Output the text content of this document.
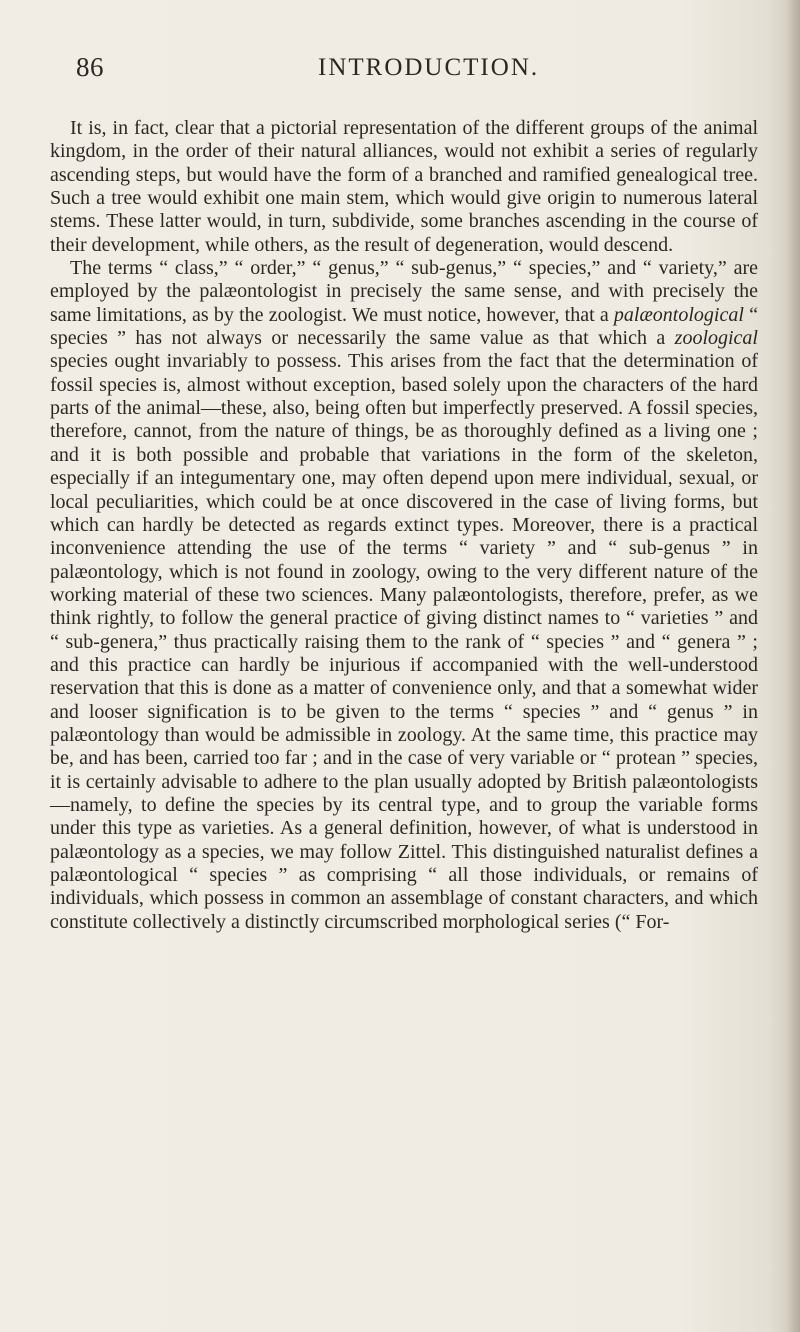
86	INTRODUCTION.

It is, in fact, clear that a pictorial representation of the different groups of the animal kingdom, in the order of their natural alliances, would not exhibit a series of regularly ascending steps, but would have the form of a branched and ramified genealogical tree. Such a tree would exhibit one main stem, which would give origin to numerous lateral stems. These latter would, in turn, subdivide, some branches ascending in the course of their development, while others, as the result of degeneration, would descend.

The terms “ class,” “ order,” “ genus,” “ sub-genus,” “ species,” and “ variety,” are employed by the palæontologist in precisely the same sense, and with precisely the same limitations, as by the zoologist. We must notice, however, that a palæontological “ species ” has not always or necessarily the same value as that which a zoological species ought invariably to possess. This arises from the fact that the determination of fossil species is, almost without exception, based solely upon the characters of the hard parts of the animal—these, also, being often but imperfectly preserved. A fossil species, therefore, cannot, from the nature of things, be as thoroughly defined as a living one ; and it is both possible and probable that variations in the form of the skeleton, especially if an integumentary one, may often depend upon mere individual, sexual, or local peculiarities, which could be at once discovered in the case of living forms, but which can hardly be detected as regards extinct types. Moreover, there is a practical inconvenience attending the use of the terms “ variety ” and “ sub-genus ” in palæontology, which is not found in zoology, owing to the very different nature of the working material of these two sciences. Many palæontologists, therefore, prefer, as we think rightly, to follow the general practice of giving distinct names to “ varieties ” and “ sub-genera,” thus practically raising them to the rank of “ species ” and “ genera ” ; and this practice can hardly be injurious if accompanied with the well-understood reservation that this is done as a matter of convenience only, and that a somewhat wider and looser signification is to be given to the terms “ species ” and “ genus ” in palæontology than would be admissible in zoology. At the same time, this practice may be, and has been, carried too far ; and in the case of very variable or “ protean ” species, it is certainly advisable to adhere to the plan usually adopted by British palæontologists—namely, to define the species by its central type, and to group the variable forms under this type as varieties. As a general definition, however, of what is understood in palæontology as a species, we may follow Zittel. This distinguished naturalist defines a palæontological “ species ” as comprising “ all those individuals, or remains of individuals, which possess in common an assemblage of constant characters, and which constitute collectively a distinctly circumscribed morphological series (“ For-
